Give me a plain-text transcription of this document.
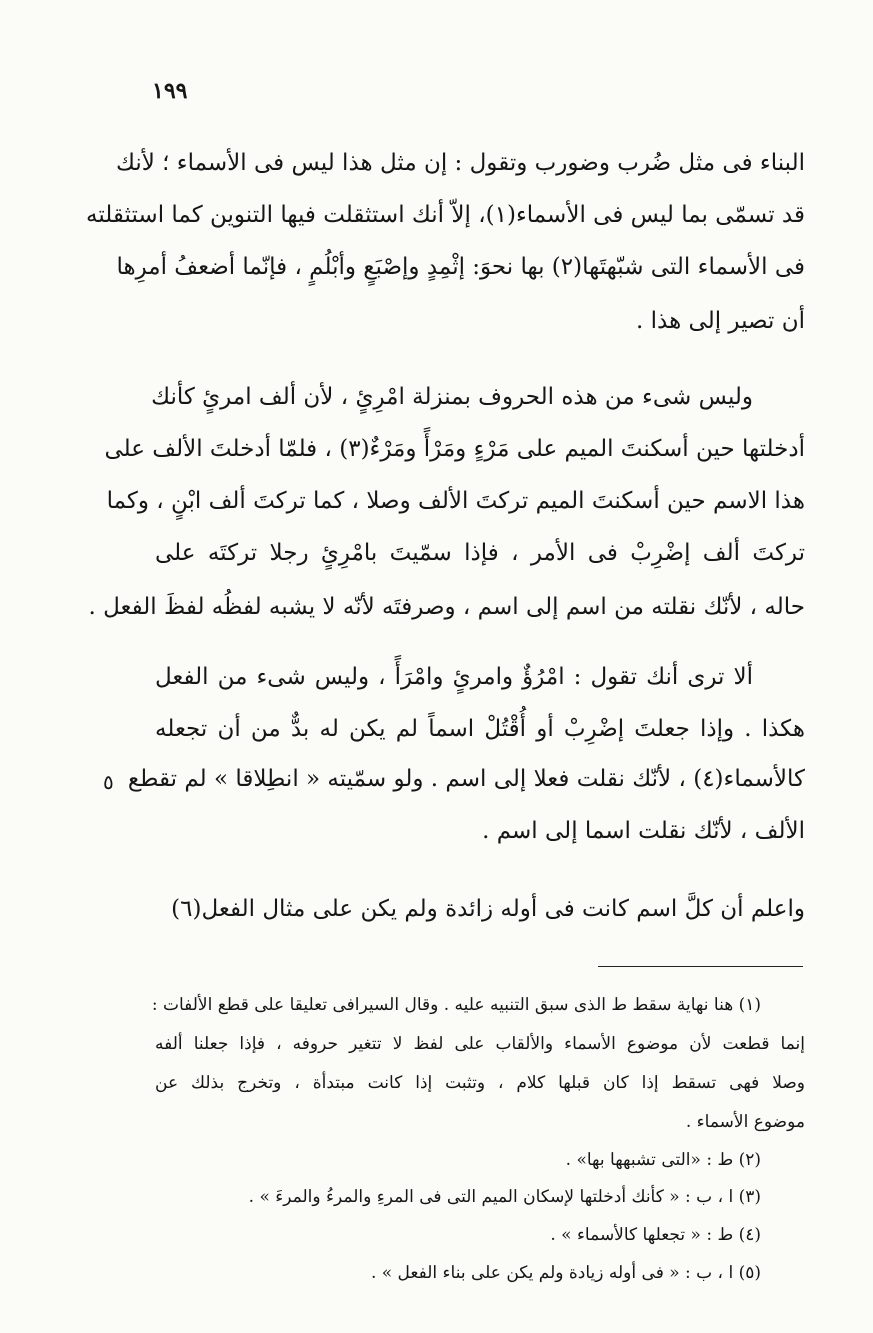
١٩٩
البناء فى مثل ضُرب وضورب وتقول : إن مثل هذا ليس فى الأسماء ؛ لأنك
قد تسمّى بما ليس فى الأسماء(١)، إلاّ أنك استثقلت فيها التنوين كما استثقلته
فى الأسماء التى شبّهتَها(٢) بها نحوَ: إثْمِدٍ وإصْبَعٍ وأبْلُمٍ ، فإنّما أضعفُ أمرِها
أن تصير إلى هذا .
وليس شىء من هذه الحروف بمنزلة امْرِئٍ ، لأن ألف امرئٍ كأنك
أدخلتها حين أسكنتَ الميم على مَرْءٍ ومَرْأً ومَرْءٌ(٣) ، فلمّا أدخلتَ الألف على
هذا الاسم حين أسكنتَ الميم تركتَ الألف وصلا ، كما تركتَ ألف ابْنٍ ، وكما
تركتَ ألف إضْرِبْ فى الأمر ، فإذا سمّيتَ بامْرِئٍ رجلا تركتَه على
حاله ، لأنّك نقلته من اسم إلى اسم ، وصرفتَه لأنّه لا يشبه لفظُه لفظَ الفعل .
ألا ترى أنك تقول : امْرُؤٌ وامرئٍ وامْرَأً ، وليس شىء من الفعل
هكذا . وإذا جعلتَ إضْرِبْ أو أُقْتُلْ اسماً لم يكن له بدٌّ من أن تجعله
كالأسماء(٤) ، لأنّك نقلت فعلا إلى اسم . ولو سمّيته « انطِلاقا » لم تقطع
الألف ، لأنّك نقلت اسما إلى اسم .
٥
واعلم أن كلَّ اسم كانت فى أوله زائدة ولم يكن على مثال الفعل(٦)
(١) هنا نهاية سقط ط الذى سبق التنبيه عليه . وقال السيرافى تعليقا على قطع الألفات :
إنما قطعت لأن موضوع الأسماء والألقاب على لفظ لا تتغير حروفه ، فإذا جعلنا ألفه
وصلا فهى تسقط إذا كان قبلها كلام ، وتثبت إذا كانت مبتدأة ، وتخرج بذلك عن
موضوع الأسماء .
(٢) ط : «التى تشبهها بها» .
(٣) ا ، ب : « كأنك أدخلتها لإسكان الميم التى فى المرءِ والمرءُ والمرءَ » .
(٤) ط : « تجعلها كالأسماء » .
(٥) ا ، ب : « فى أوله زيادة ولم يكن على بناء الفعل » .
